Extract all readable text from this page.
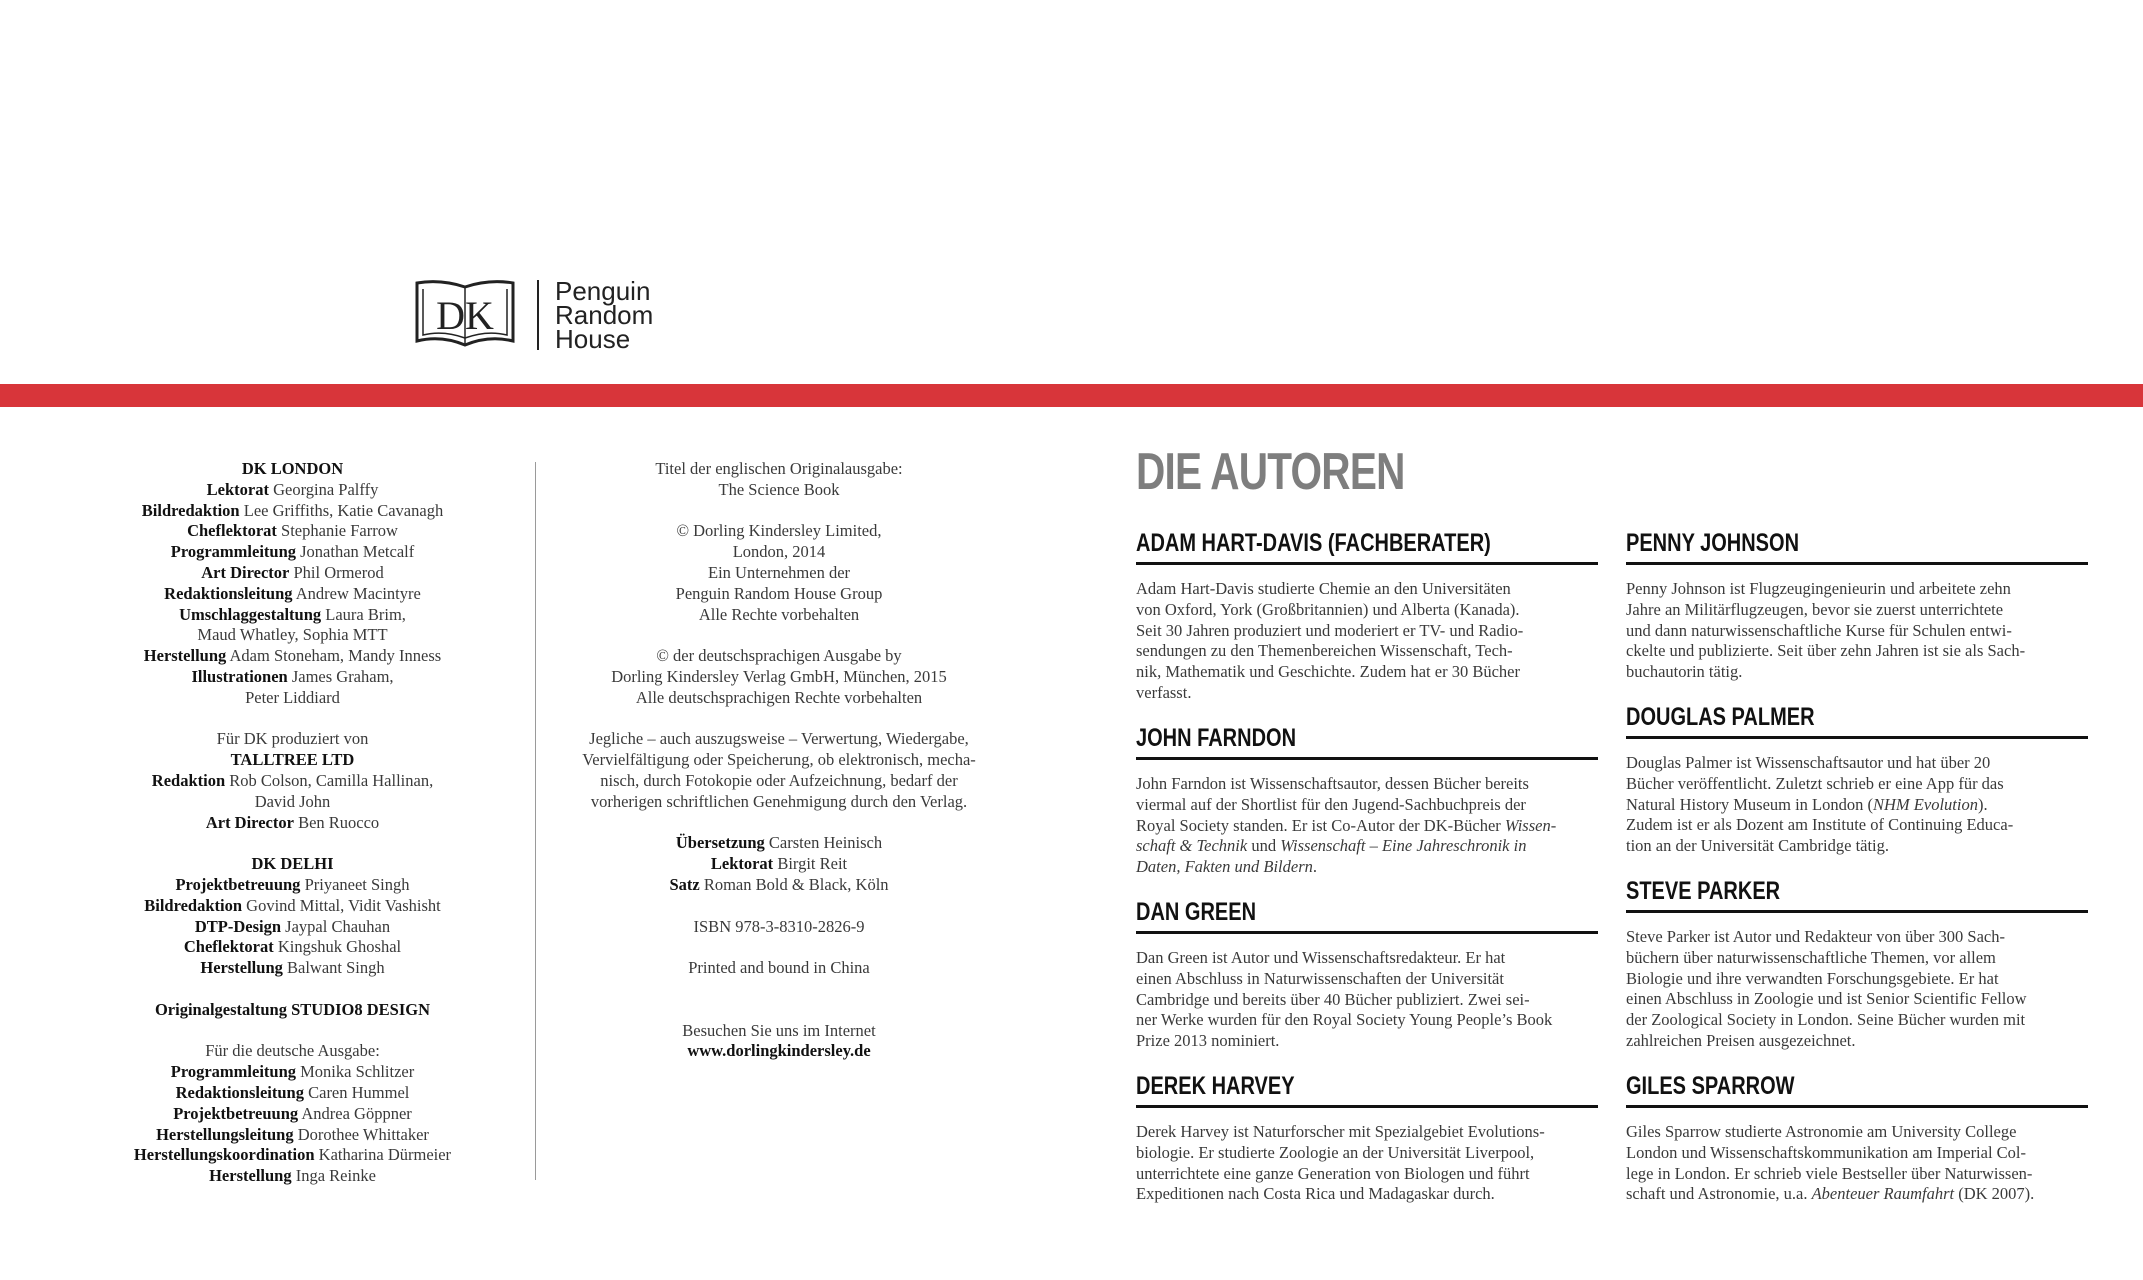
DK
Penguin
Random
House
DK LONDON
Lektorat Georgina Palffy
Bildredaktion Lee Griffiths, Katie Cavanagh
Cheflektorat Stephanie Farrow
Programmleitung Jonathan Metcalf
Art Director Phil Ormerod
Redaktionsleitung Andrew Macintyre
Umschlaggestaltung Laura Brim,
Maud Whatley, Sophia MTT
Herstellung Adam Stoneham, Mandy Inness
Illustrationen James Graham,
Peter Liddiard
Für DK produziert von
TALLTREE LTD
Redaktion Rob Colson, Camilla Hallinan,
David John
Art Director Ben Ruocco
DK DELHI
Projektbetreuung Priyaneet Singh
Bildredaktion Govind Mittal, Vidit Vashisht
DTP-Design Jaypal Chauhan
Cheflektorat Kingshuk Ghoshal
Herstellung Balwant Singh
Originalgestaltung STUDIO8 DESIGN
Für die deutsche Ausgabe:
Programmleitung Monika Schlitzer
Redaktionsleitung Caren Hummel
Projektbetreuung Andrea Göppner
Herstellungsleitung Dorothee Whittaker
Herstellungskoordination Katharina Dürmeier
Herstellung Inga Reinke
Titel der englischen Originalausgabe:
The Science Book
© Dorling Kindersley Limited,
London, 2014
Ein Unternehmen der
Penguin Random House Group
Alle Rechte vorbehalten
© der deutschsprachigen Ausgabe by
Dorling Kindersley Verlag GmbH, München, 2015
Alle deutschsprachigen Rechte vorbehalten
Jegliche – auch auszugsweise – Verwertung, Wiedergabe,
Vervielfältigung oder Speicherung, ob elektronisch, mecha-
nisch, durch Fotokopie oder Aufzeichnung, bedarf der
vorherigen schriftlichen Genehmigung durch den Verlag.
Übersetzung Carsten Heinisch
Lektorat Birgit Reit
Satz Roman Bold & Black, Köln
ISBN 978-3-8310-2826-9
Printed and bound in China
Besuchen Sie uns im Internet
www.dorlingkindersley.de
DIE AUTOREN
ADAM HART-DAVIS (FACHBERATER)
Adam Hart-Davis studierte Chemie an den Universitäten
von Oxford, York (Großbritannien) und Alberta (Kanada).
Seit 30 Jahren produziert und moderiert er TV- und Radio-
sendungen zu den Themenbereichen Wissenschaft, Tech-
nik, Mathematik und Geschichte. Zudem hat er 30 Bücher
verfasst.
JOHN FARNDON
John Farndon ist Wissenschaftsautor, dessen Bücher bereits
viermal auf der Shortlist für den Jugend-Sachbuchpreis der
Royal Society standen. Er ist Co-Autor der DK-Bücher Wissen-
schaft & Technik und Wissenschaft – Eine Jahreschronik in
Daten, Fakten und Bildern.
DAN GREEN
Dan Green ist Autor und Wissenschaftsredakteur. Er hat
einen Abschluss in Naturwissenschaften der Universität
Cambridge und bereits über 40 Bücher publiziert. Zwei sei-
ner Werke wurden für den Royal Society Young People’s Book
Prize 2013 nominiert.
DEREK HARVEY
Derek Harvey ist Naturforscher mit Spezialgebiet Evolutions-
biologie. Er studierte Zoologie an der Universität Liverpool,
unterrichtete eine ganze Generation von Biologen und führt
Expeditionen nach Costa Rica und Madagaskar durch.
PENNY JOHNSON
Penny Johnson ist Flugzeugingenieurin und arbeitete zehn
Jahre an Militärflugzeugen, bevor sie zuerst unterrichtete
und dann naturwissenschaftliche Kurse für Schulen entwi-
ckelte und publizierte. Seit über zehn Jahren ist sie als Sach-
buchautorin tätig.
DOUGLAS PALMER
Douglas Palmer ist Wissenschaftsautor und hat über 20
Bücher veröffentlicht. Zuletzt schrieb er eine App für das
Natural History Museum in London (NHM Evolution).
Zudem ist er als Dozent am Institute of Continuing Educa-
tion an der Universität Cambridge tätig.
STEVE PARKER
Steve Parker ist Autor und Redakteur von über 300 Sach-
büchern über naturwissenschaftliche Themen, vor allem
Biologie und ihre verwandten Forschungsgebiete. Er hat
einen Abschluss in Zoologie und ist Senior Scientific Fellow
der Zoological Society in London. Seine Bücher wurden mit
zahlreichen Preisen ausgezeichnet.
GILES SPARROW
Giles Sparrow studierte Astronomie am University College
London und Wissenschaftskommunikation am Imperial Col-
lege in London. Er schrieb viele Bestseller über Naturwissen-
schaft und Astronomie, u.a. Abenteuer Raumfahrt (DK 2007).
